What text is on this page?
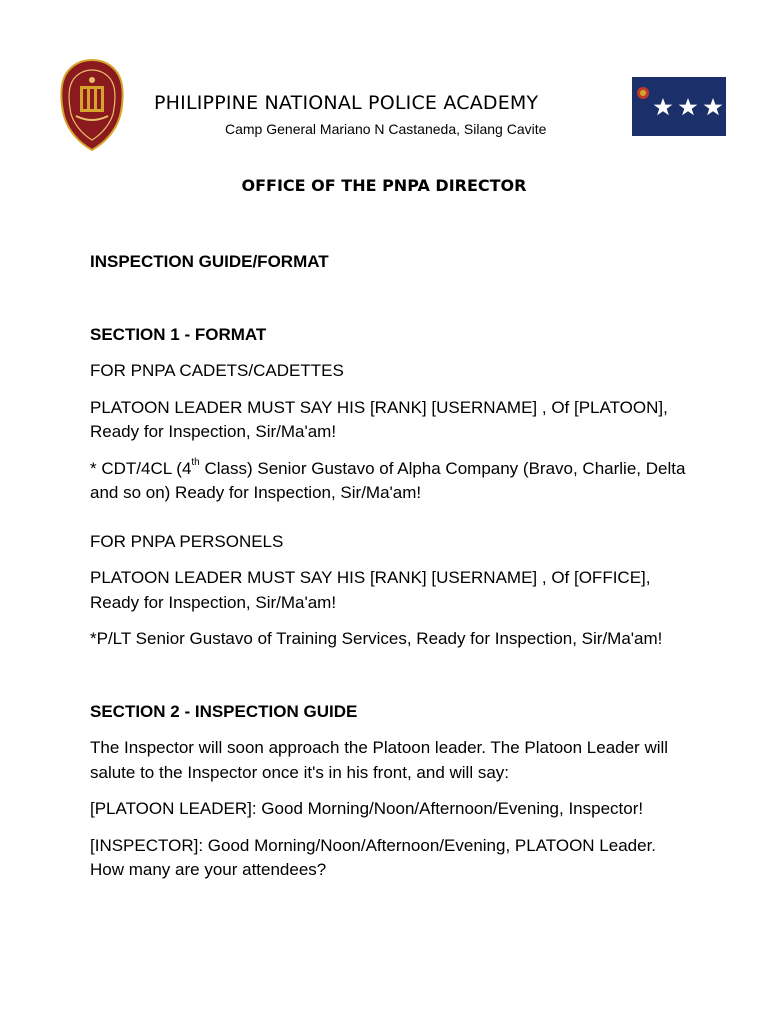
PHILIPPINE NATIONAL POLICE ACADEMY
Camp General Mariano N Castaneda, Silang Cavite
OFFICE OF THE PNPA DIRECTOR

INSPECTION GUIDE/FORMAT

SECTION 1 - FORMAT

FOR PNPA CADETS/CADETTES

PLATOON LEADER MUST SAY HIS [RANK] [USERNAME] , Of [PLATOON], Ready for Inspection, Sir/Ma'am!

* CDT/4CL (4th Class) Senior Gustavo of Alpha Company (Bravo, Charlie, Delta and so on) Ready for Inspection, Sir/Ma'am!

FOR PNPA PERSONELS

PLATOON LEADER MUST SAY HIS [RANK] [USERNAME] , Of [OFFICE], Ready for Inspection, Sir/Ma'am!

*P/LT Senior Gustavo of Training Services, Ready for Inspection, Sir/Ma'am!

SECTION 2 - INSPECTION GUIDE

The Inspector will soon approach the Platoon leader. The Platoon Leader will salute to the Inspector once it's in his front, and will say:

[PLATOON LEADER]: Good Morning/Noon/Afternoon/Evening, Inspector!

[INSPECTOR]: Good Morning/Noon/Afternoon/Evening, PLATOON Leader. How many are your attendees?
